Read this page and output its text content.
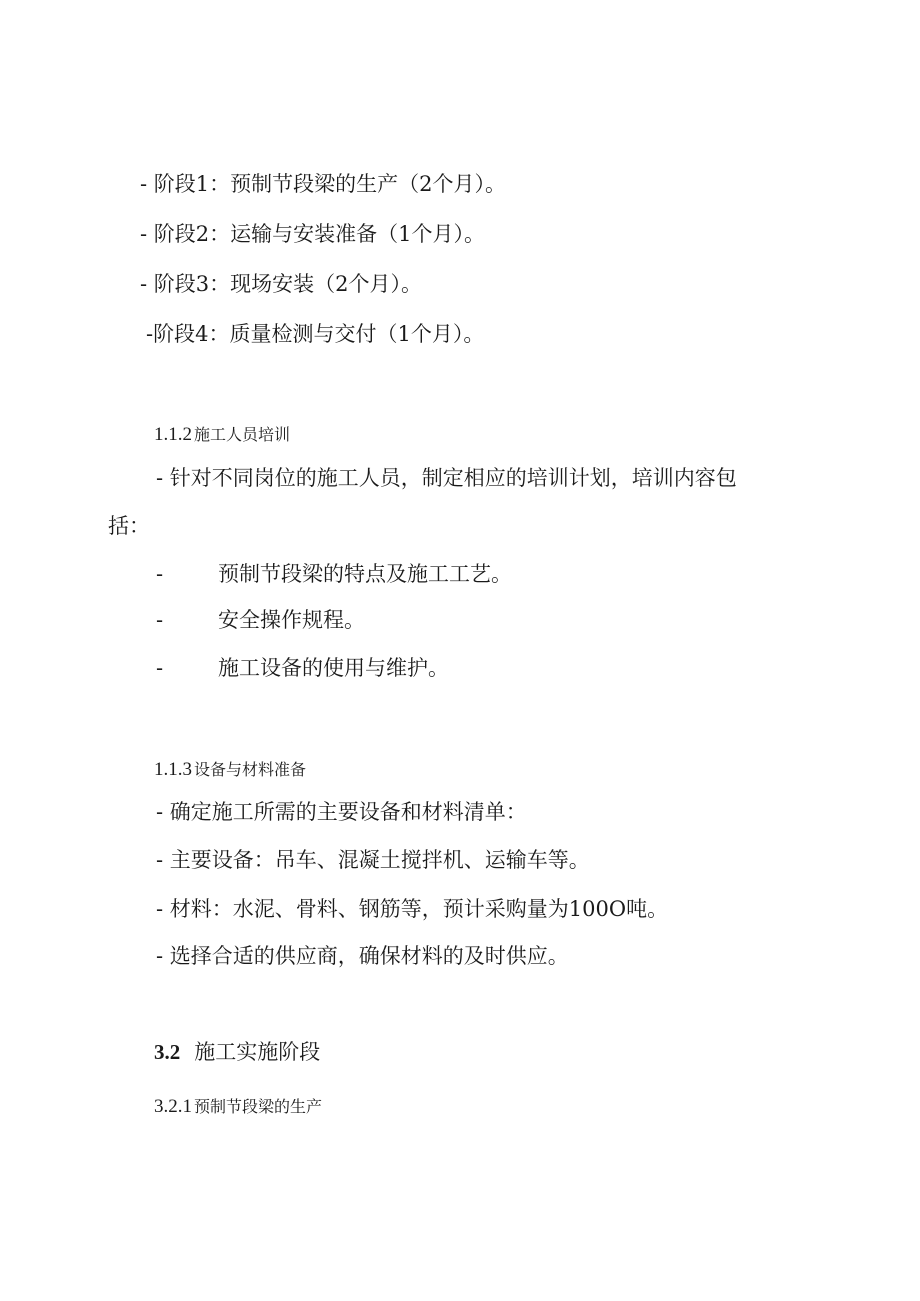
- 阶段1：预制节段梁的生产（2个月）。
- 阶段2：运输与安装准备（1个月）。
- 阶段3：现场安装（2个月）。
-阶段4：质量检测与交付（1个月）。
1.1.2 施工人员培训
- 针对不同岗位的施工人员，制定相应的培训计划，培训内容包
括：
-	预制节段梁的特点及施工工艺。
-	安全操作规程。
-	施工设备的使用与维护。
1.1.3 设备与材料准备
- 确定施工所需的主要设备和材料清单：
- 主要设备：吊车、混凝土搅拌机、运输车等。
- 材料：水泥、骨料、钢筋等，预计采购量为100O吨。
- 选择合适的供应商，确保材料的及时供应。
3.2 施工实施阶段
3.2.1 预制节段梁的生产
